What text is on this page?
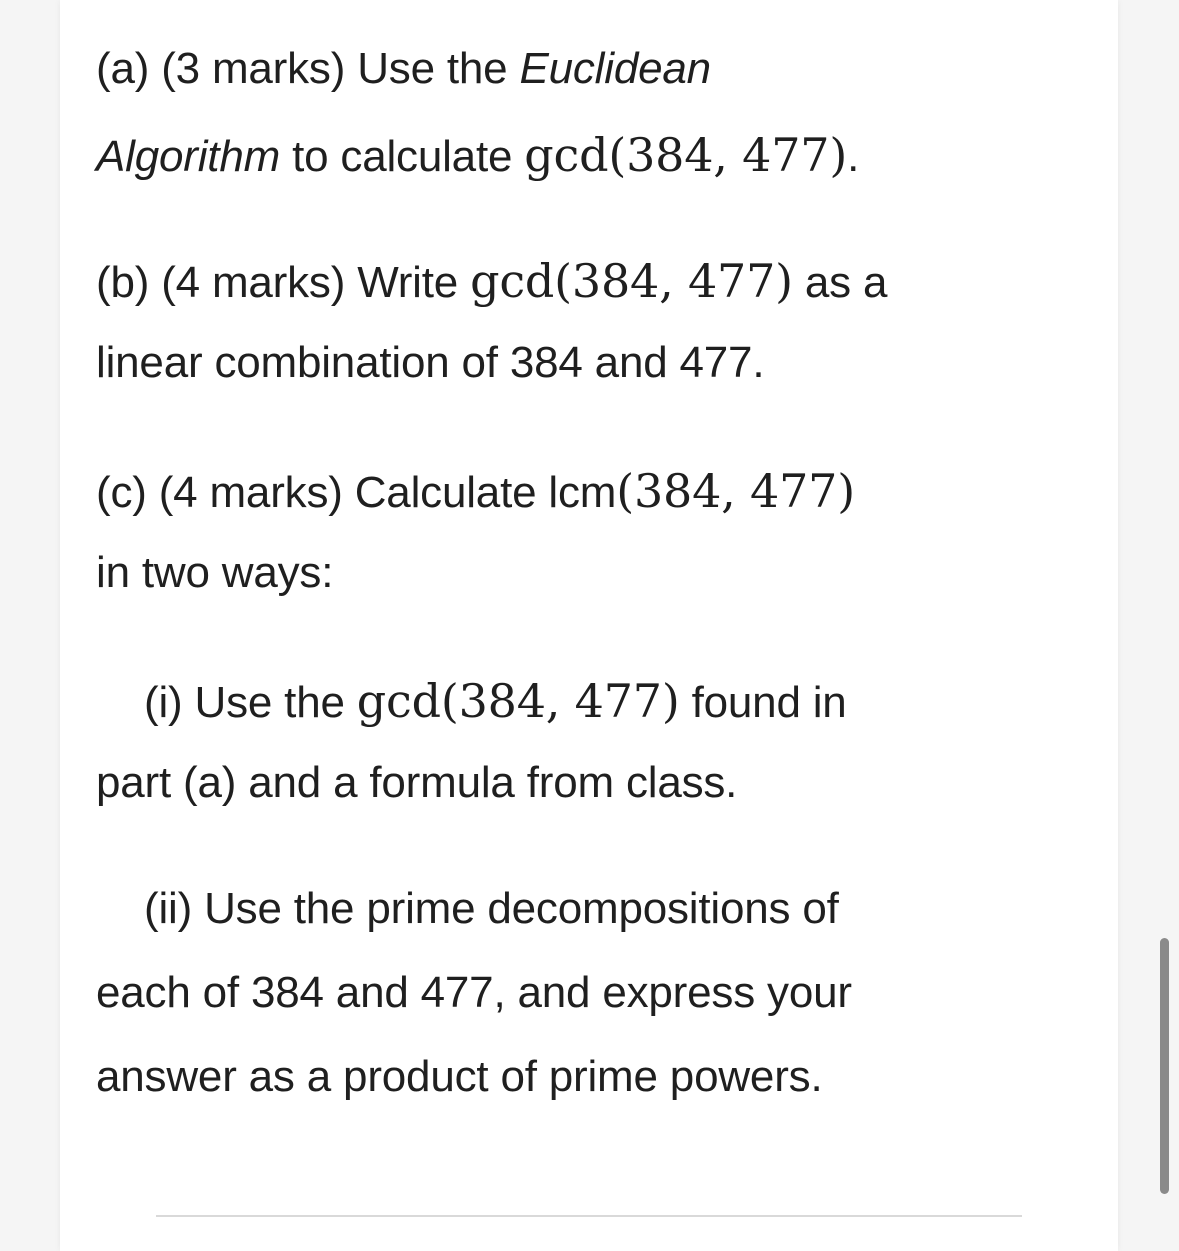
(a) (3 marks) Use the Euclidean
Algorithm to calculate gcd(384, 477).
(b) (4 marks) Write gcd(384, 477) as a
linear combination of 384 and 477.
(c) (4 marks) Calculate lcm(384, 477)
in two ways:
(i) Use the gcd(384, 477) found in
part (a) and a formula from class.
(ii) Use the prime decompositions of
each of 384 and 477, and express your
answer as a product of prime powers.
